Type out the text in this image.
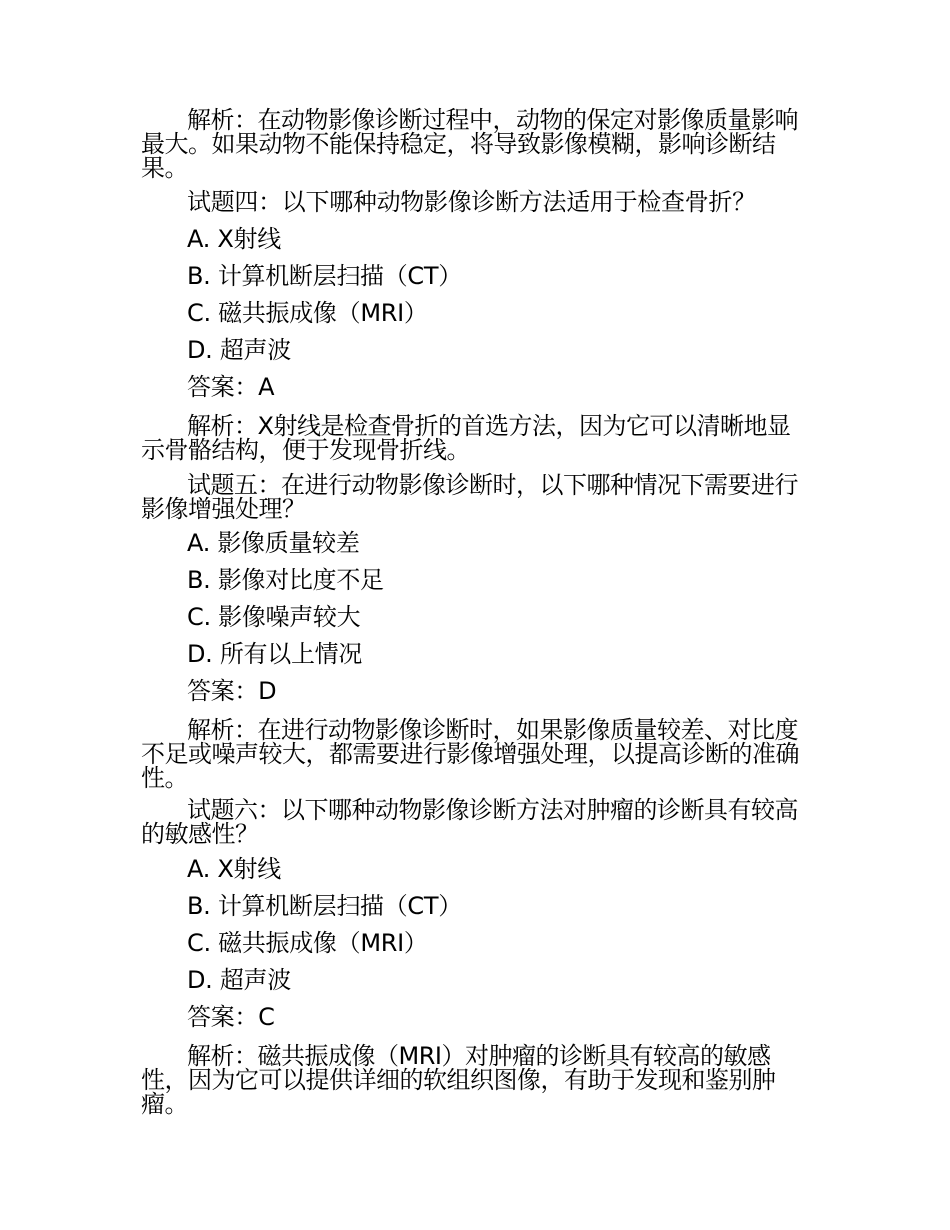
解析：在动物影像诊断过程中，动物的保定对影像质量影响最大。如果动物不能保持稳定，将导致影像模糊，影响诊断结果。
试题四：以下哪种动物影像诊断方法适用于检查骨折？
A. X射线
B. 计算机断层扫描（CT）
C. 磁共振成像（MRI）
D. 超声波
答案：A
解析：X射线是检查骨折的首选方法，因为它可以清晰地显示骨骼结构，便于发现骨折线。
试题五：在进行动物影像诊断时，以下哪种情况下需要进行影像增强处理？
A. 影像质量较差
B. 影像对比度不足
C. 影像噪声较大
D. 所有以上情况
答案：D
解析：在进行动物影像诊断时，如果影像质量较差、对比度不足或噪声较大，都需要进行影像增强处理，以提高诊断的准确性。
试题六：以下哪种动物影像诊断方法对肿瘤的诊断具有较高的敏感性？
A. X射线
B. 计算机断层扫描（CT）
C. 磁共振成像（MRI）
D. 超声波
答案：C
解析：磁共振成像（MRI）对肿瘤的诊断具有较高的敏感性，因为它可以提供详细的软组织图像，有助于发现和鉴别肿瘤。
